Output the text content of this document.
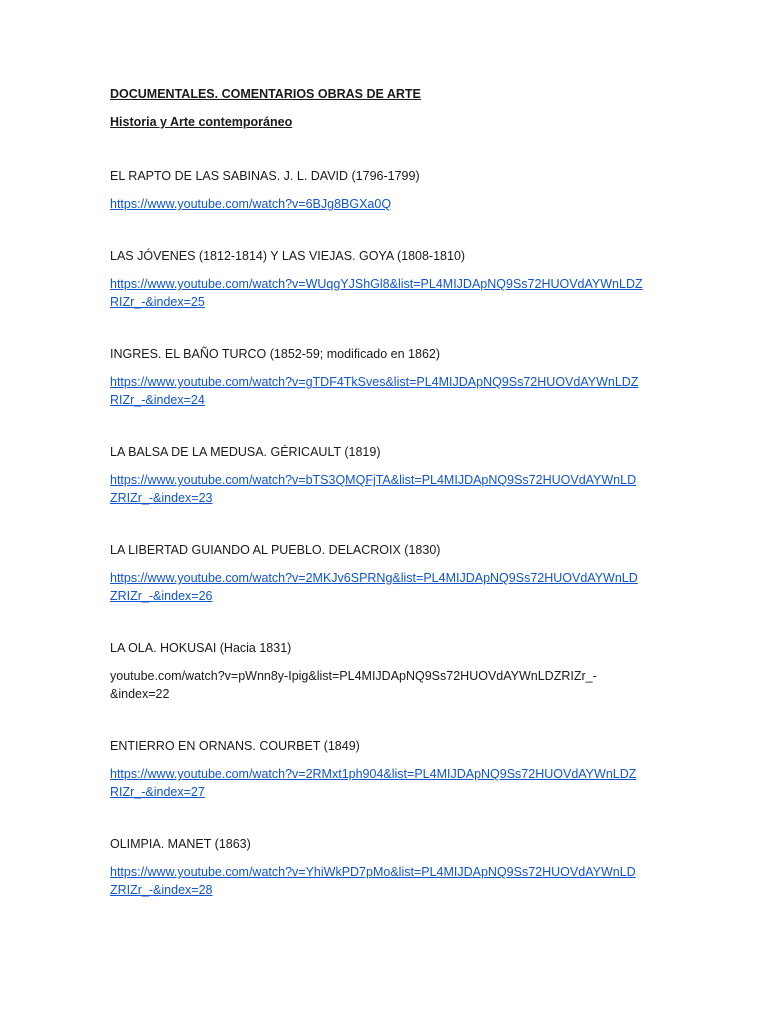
DOCUMENTALES. COMENTARIOS OBRAS DE ARTE

Historia y Arte contemporáneo

EL RAPTO DE LAS SABINAS. J. L. DAVID (1796-1799)

https://www.youtube.com/watch?v=6BJg8BGXa0Q

LAS JÓVENES (1812-1814) Y LAS VIEJAS. GOYA (1808-1810)

https://www.youtube.com/watch?v=WUqgYJShGl8&list=PL4MIJDApNQ9Ss72HUOVdAYWnLDZ
RIZr_-&index=25

INGRES. EL BAÑO TURCO (1852-59; modificado en 1862)

https://www.youtube.com/watch?v=gTDF4TkSves&list=PL4MIJDApNQ9Ss72HUOVdAYWnLDZ
RIZr_-&index=24

LA BALSA DE LA MEDUSA. GÉRICAULT (1819)

https://www.youtube.com/watch?v=bTS3QMQFjTA&list=PL4MIJDApNQ9Ss72HUOVdAYWnLD
ZRIZr_-&index=23

LA LIBERTAD GUIANDO AL PUEBLO. DELACROIX (1830)

https://www.youtube.com/watch?v=2MKJv6SPRNg&list=PL4MIJDApNQ9Ss72HUOVdAYWnLD
ZRIZr_-&index=26

LA OLA. HOKUSAI (Hacia 1831)

youtube.com/watch?v=pWnn8y-Ipig&list=PL4MIJDApNQ9Ss72HUOVdAYWnLDZRIZr_-
&index=22

ENTIERRO EN ORNANS. COURBET (1849)

https://www.youtube.com/watch?v=2RMxt1ph904&list=PL4MIJDApNQ9Ss72HUOVdAYWnLDZ
RIZr_-&index=27

OLIMPIA. MANET (1863)

https://www.youtube.com/watch?v=YhiWkPD7pMo&list=PL4MIJDApNQ9Ss72HUOVdAYWnLD
ZRIZr_-&index=28
